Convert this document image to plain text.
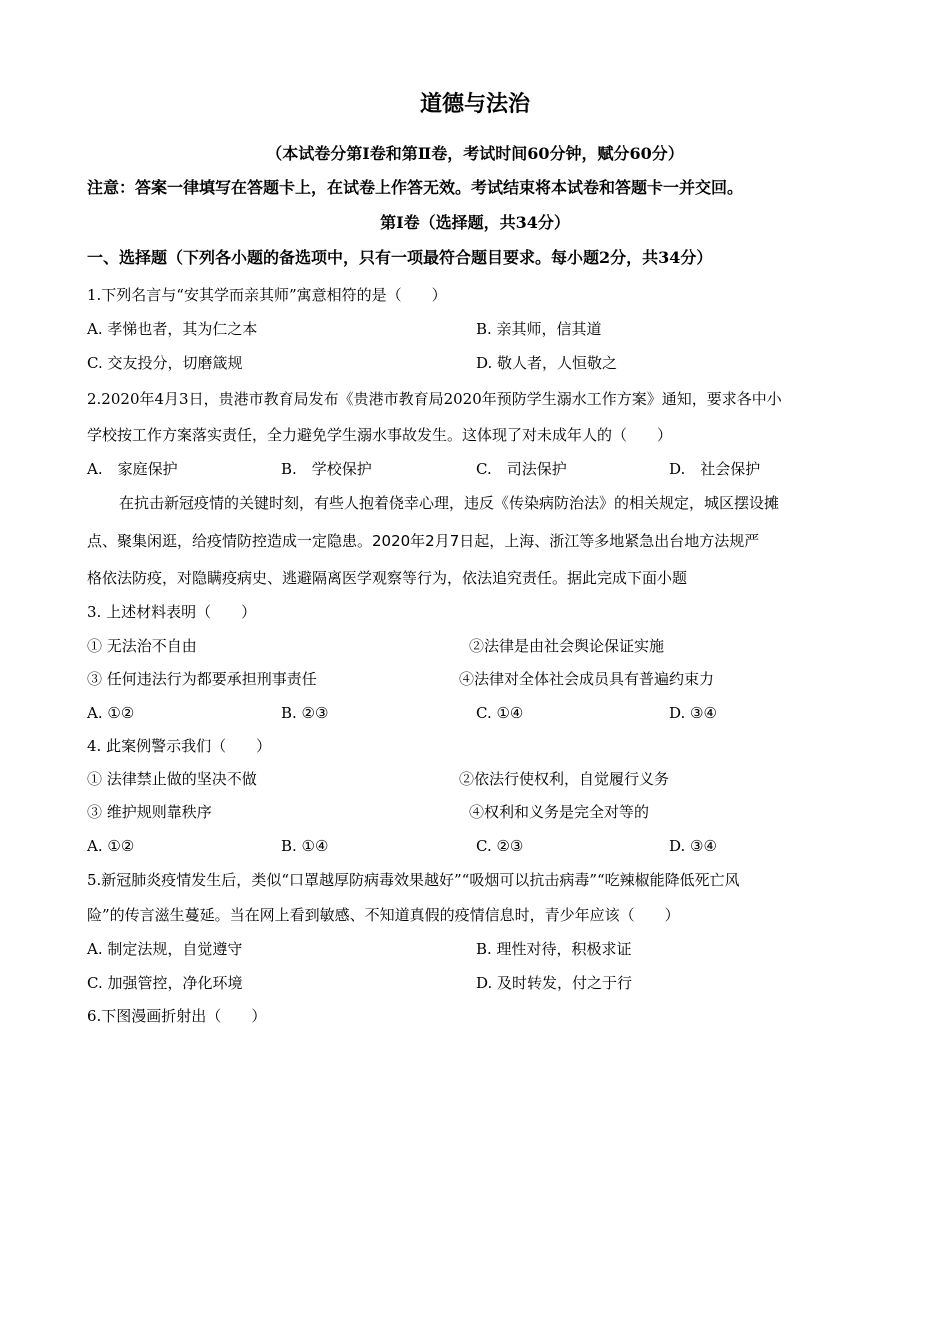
道德与法治
（本试卷分第Ⅰ卷和第Ⅱ卷，考试时间60分钟，赋分60分）
注意：答案一律填写在答题卡上，在试卷上作答无效。考试结束将本试卷和答题卡一并交回。
第Ⅰ卷（选择题，共34分）
一、选择题（下列各小题的备选项中，只有一项最符合题目要求。每小题2分，共34分）
1.下列名言与“安其学而亲其师”寓意相符的是（　　）
A. 孝悌也者，其为仁之本	B. 亲其师，信其道
C. 交友投分，切磨箴规	D. 敬人者，人恒敬之
2.2020年4月3日，贵港市教育局发布《贵港市教育局2020年预防学生溺水工作方案》通知，要求各中小
学校按工作方案落实责任，全力避免学生溺水事故发生。这体现了对未成年人的（　　）
A.　家庭保护	B.　学校保护	C.　司法保护	D.　社会保护
在抗击新冠疫情的关键时刻，有些人抱着侥幸心理，违反《传染病防治法》的相关规定，城区摆设摊
点、聚集闲逛，给疫情防控造成一定隐患。2020年2月7日起，上海、浙江等多地紧急出台地方法规严
格依法防疫，对隐瞒疫病史、逃避隔离医学观察等行为，依法追究责任。据此完成下面小题
3. 上述材料表明（　　）
① 无法治不自由	②法律是由社会舆论保证实施
③ 任何违法行为都要承担刑事责任	④法律对全体社会成员具有普遍约束力
A. ①②	B. ②③	C. ①④	D. ③④
4. 此案例警示我们（　　）
① 法律禁止做的坚决不做	②依法行使权利，自觉履行义务
③ 维护规则靠秩序	④权利和义务是完全对等的
A. ①②	B. ①④	C. ②③	D. ③④
5.新冠肺炎疫情发生后，类似“口罩越厚防病毒效果越好”“吸烟可以抗击病毒”“吃辣椒能降低死亡风
险”的传言滋生蔓延。当在网上看到敏感、不知道真假的疫情信息时，青少年应该（　　）
A. 制定法规，自觉遵守	B. 理性对待，积极求证
C. 加强管控，净化环境	D. 及时转发，付之于行
6.下图漫画折射出（　　）
